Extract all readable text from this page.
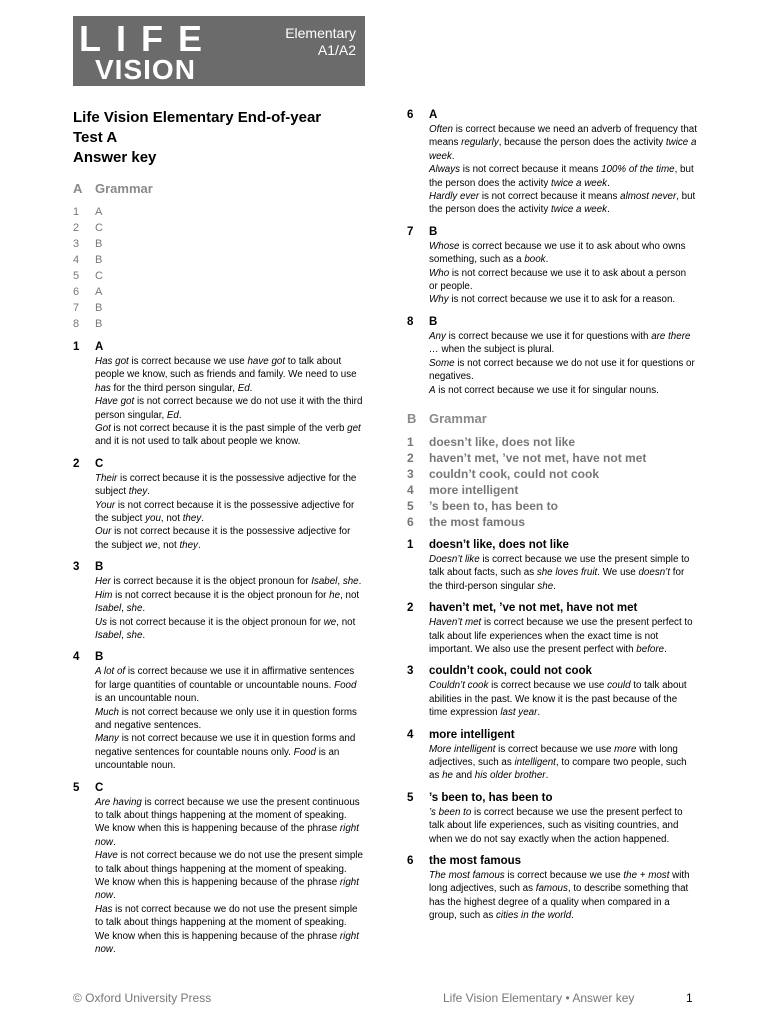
LIFE
VISION
Elementary
A1/A2
Life Vision Elementary End-of-year
Test A
Answer key
A Grammar
1	A
2	C
3	B
4	B
5	C
6	A
7	B
8	B
1	A
Has got is correct because we use have got to talk about people we know, such as friends and family. We need to use has for the third person singular, Ed.
Have got is not correct because we do not use it with the third person singular, Ed.
Got is not correct because it is the past simple of the verb get and it is not used to talk about people we know.
2	C
Their is correct because it is the possessive adjective for the subject they.
Your is not correct because it is the possessive adjective for the subject you, not they.
Our is not correct because it is the possessive adjective for the subject we, not they.
3	B
Her is correct because it is the object pronoun for Isabel, she.
Him is not correct because it is the object pronoun for he, not Isabel, she.
Us is not correct because it is the object pronoun for we, not Isabel, she.
4	B
A lot of is correct because we use it in affirmative sentences for large quantities of countable or uncountable nouns. Food is an uncountable noun.
Much is not correct because we only use it in question forms and negative sentences.
Many is not correct because we use it in question forms and negative sentences for countable nouns only. Food is an uncountable noun.
5	C
Are having is correct because we use the present continuous to talk about things happening at the moment of speaking. We know when this is happening because of the phrase right now.
Have is not correct because we do not use the present simple to talk about things happening at the moment of speaking. We know when this is happening because of the phrase right now.
Has is not correct because we do not use the present simple to talk about things happening at the moment of speaking. We know when this is happening because of the phrase right now.
6	A
Often is correct because we need an adverb of frequency that means regularly, because the person does the activity twice a week.
Always is not correct because it means 100% of the time, but the person does the activity twice a week.
Hardly ever is not correct because it means almost never, but the person does the activity twice a week.
7	B
Whose is correct because we use it to ask about who owns something, such as a book.
Who is not correct because we use it to ask about a person or people.
Why is not correct because we use it to ask for a reason.
8	B
Any is correct because we use it for questions with are there … when the subject is plural.
Some is not correct because we do not use it for questions or negatives.
A is not correct because we use it for singular nouns.
B Grammar
1	doesn’t like, does not like
2	haven’t met, ’ve not met, have not met
3	couldn’t cook, could not cook
4	more intelligent
5	’s been to, has been to
6	the most famous
1	doesn’t like, does not like
Doesn’t like is correct because we use the present simple to talk about facts, such as she loves fruit. We use doesn’t for the third-person singular she.
2	haven’t met, ’ve not met, have not met
Haven’t met is correct because we use the present perfect to talk about life experiences when the exact time is not important. We also use the present perfect with before.
3	couldn’t cook, could not cook
Couldn’t cook is correct because we use could to talk about abilities in the past. We know it is the past because of the time expression last year.
4	more intelligent
More intelligent is correct because we use more with long adjectives, such as intelligent, to compare two people, such as he and his older brother.
5	’s been to, has been to
’s been to is correct because we use the present perfect to talk about life experiences, such as visiting countries, and when we do not say exactly when the action happened.
6	the most famous
The most famous is correct because we use the + most with long adjectives, such as famous, to describe something that has the highest degree of a quality when compared in a group, such as cities in the world.
© Oxford University Press	Life Vision Elementary • Answer key	1
